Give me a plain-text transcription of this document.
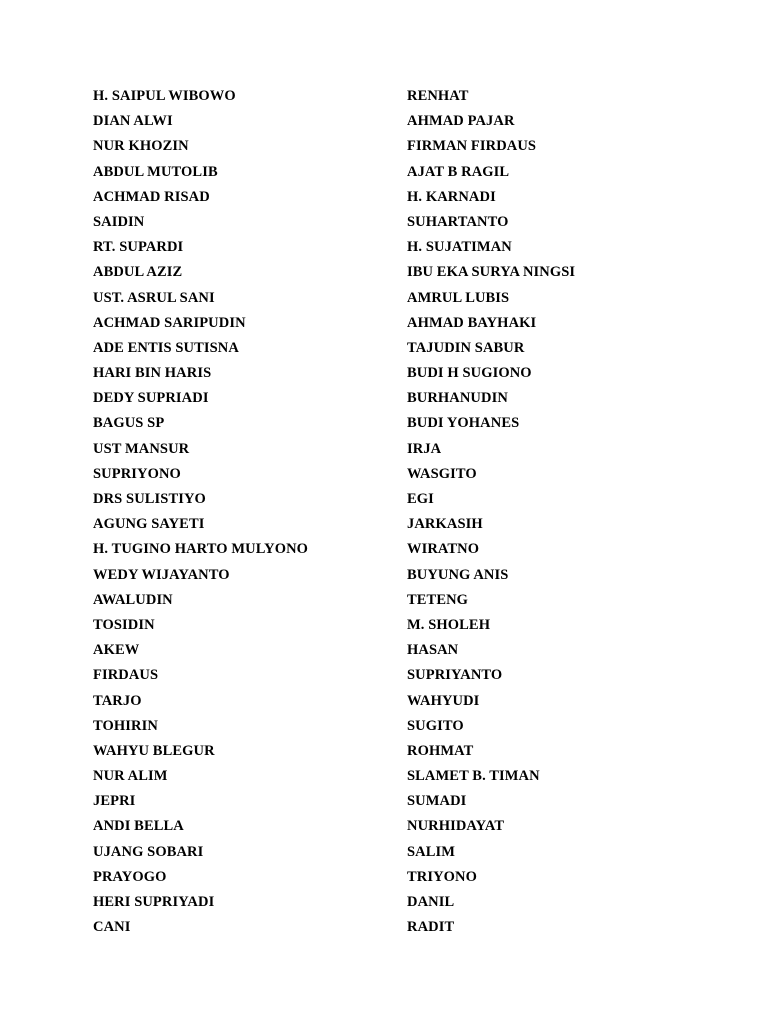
H. SAIPUL WIBOWO
DIAN ALWI
NUR KHOZIN
ABDUL MUTOLIB
ACHMAD RISAD
SAIDIN
RT. SUPARDI
ABDUL AZIZ
UST. ASRUL SANI
ACHMAD SARIPUDIN
ADE ENTIS SUTISNA
HARI BIN HARIS
DEDY SUPRIADI
BAGUS SP
UST MANSUR
SUPRIYONO
DRS SULISTIYO
AGUNG SAYETI
H. TUGINO HARTO MULYONO
WEDY WIJAYANTO
AWALUDIN
TOSIDIN
AKEW
FIRDAUS
TARJO
TOHIRIN
WAHYU BLEGUR
NUR ALIM
JEPRI
ANDI BELLA
UJANG SOBARI
PRAYOGO
HERI SUPRIYADI
CANI
RENHAT
AHMAD PAJAR
FIRMAN FIRDAUS
AJAT B RAGIL
H. KARNADI
SUHARTANTO
H. SUJATIMAN
IBU EKA SURYA NINGSI
AMRUL LUBIS
AHMAD BAYHAKI
TAJUDIN SABUR
BUDI H SUGIONO
BURHANUDIN
BUDI YOHANES
IRJA
WASGITO
EGI
JARKASIH
WIRATNO
BUYUNG ANIS
TETENG
M. SHOLEH
HASAN
SUPRIYANTO
WAHYUDI
SUGITO
ROHMAT
SLAMET B. TIMAN
SUMADI
NURHIDAYAT
SALIM
TRIYONO
DANIL
RADIT
